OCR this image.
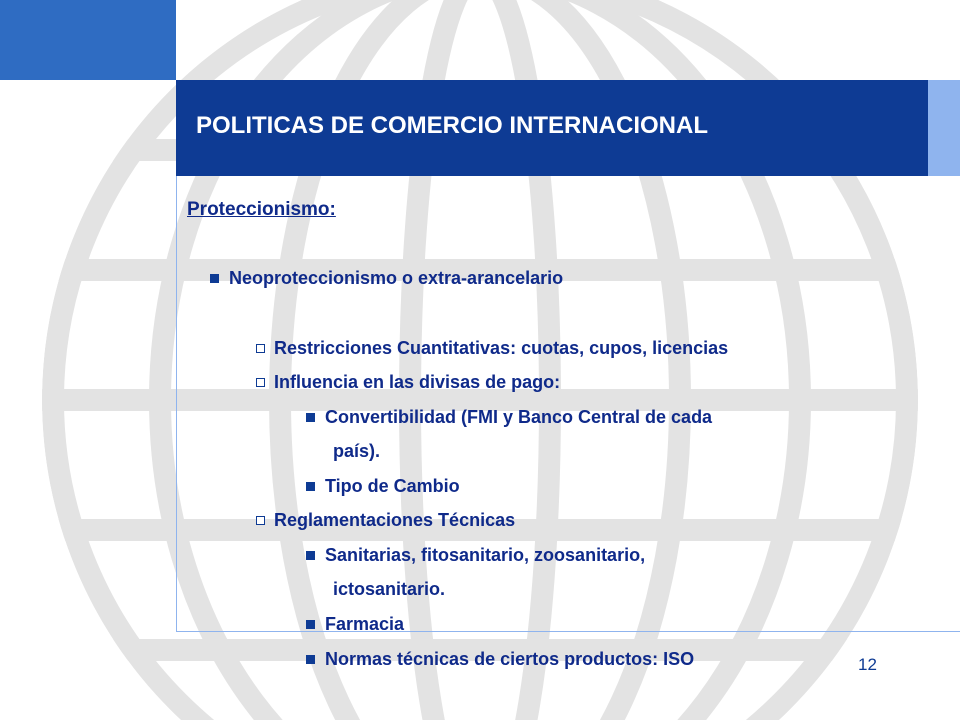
POLITICAS DE COMERCIO INTERNACIONAL
Proteccionismo:
Neoproteccionismo o extra-arancelario
Restricciones Cuantitativas: cuotas, cupos, licencias
Influencia en las divisas de pago:
Convertibilidad (FMI y Banco Central de cada
país).
Tipo de Cambio
Reglamentaciones Técnicas
Sanitarias, fitosanitario, zoosanitario,
ictosanitario.
Farmacia
Normas técnicas de ciertos productos: ISO	12
